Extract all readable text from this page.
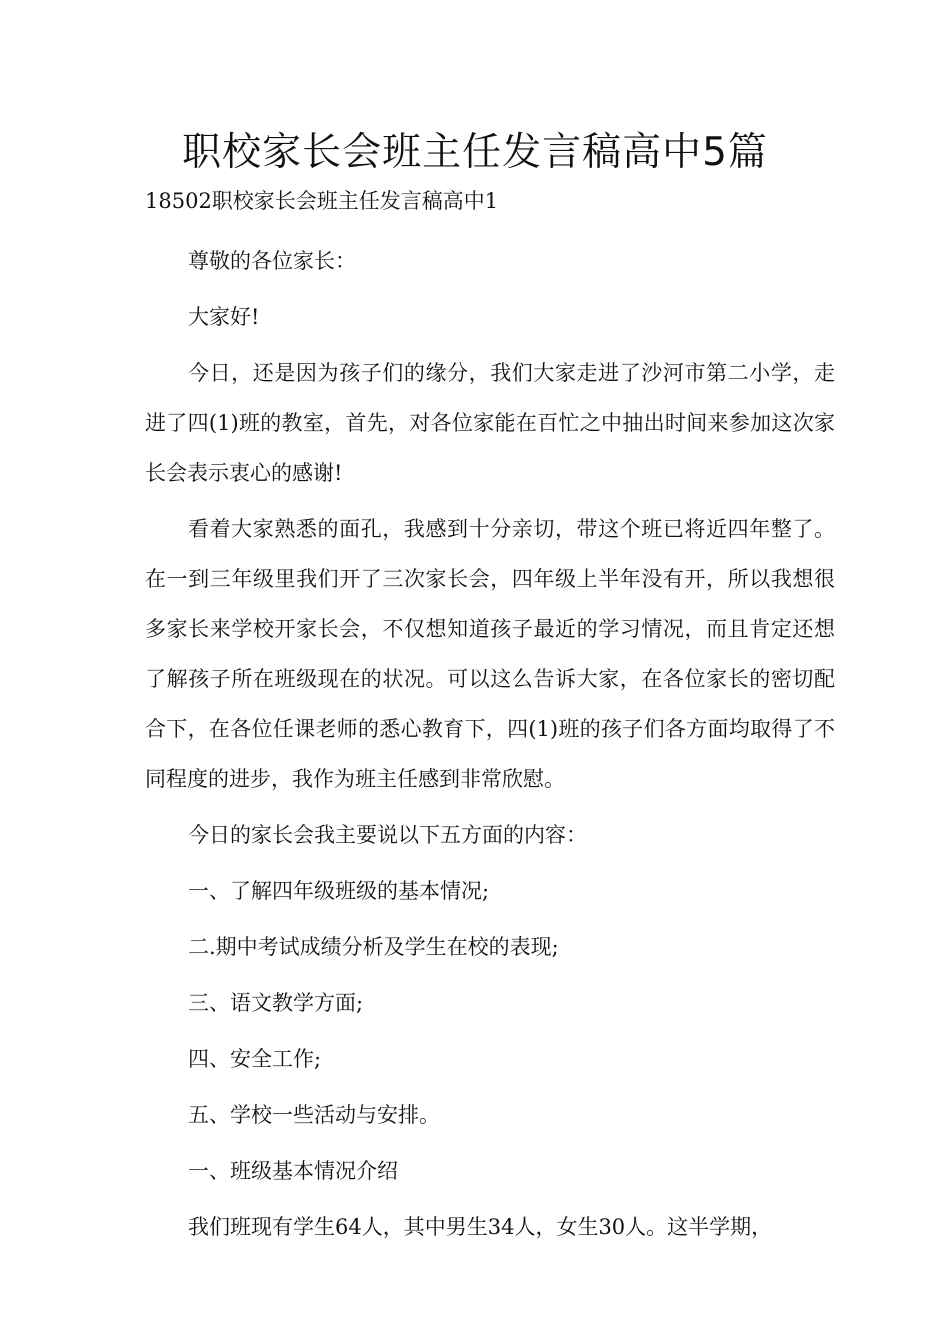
职校家长会班主任发言稿高中5篇

18502职校家长会班主任发言稿高中1

尊敬的各位家长：

大家好!

今日，还是因为孩子们的缘分，我们大家走进了沙河市第二小学，走进了四(1)班的教室，首先，对各位家能在百忙之中抽出时间来参加这次家长会表示衷心的感谢!

看着大家熟悉的面孔，我感到十分亲切，带这个班已将近四年整了。在一到三年级里我们开了三次家长会，四年级上半年没有开，所以我想很多家长来学校开家长会，不仅想知道孩子最近的学习情况，而且肯定还想了解孩子所在班级现在的状况。可以这么告诉大家，在各位家长的密切配合下，在各位任课老师的悉心教育下，四(1)班的孩子们各方面均取得了不同程度的进步，我作为班主任感到非常欣慰。

今日的家长会我主要说以下五方面的内容：

一、了解四年级班级的基本情况;

二.期中考试成绩分析及学生在校的表现;

三、语文教学方面;

四、安全工作;

五、学校一些活动与安排。

一、班级基本情况介绍

我们班现有学生64人，其中男生34人，女生30人。这半学期，
